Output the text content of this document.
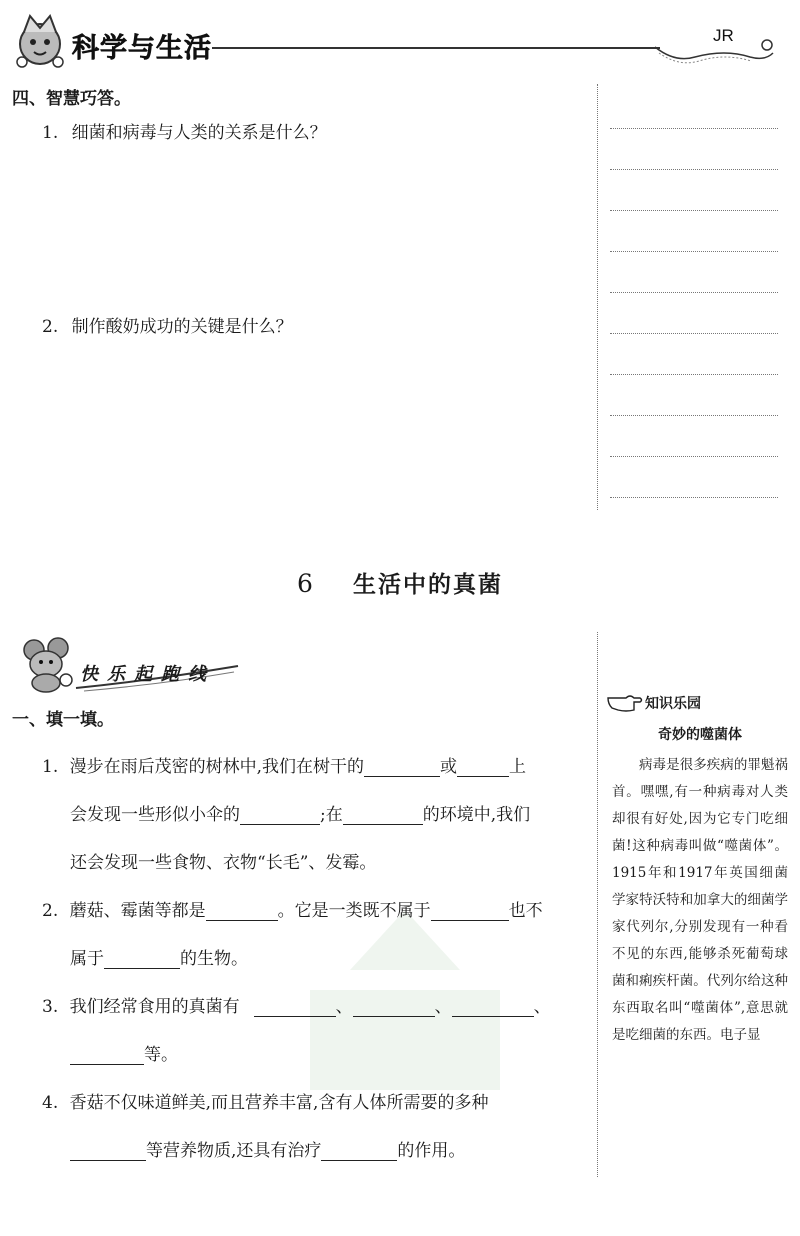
科学与生活	JR
四、智慧巧答。
1. 细菌和病毒与人类的关系是什么？
2. 制作酸奶成功的关键是什么？
6 生活中的真菌
快乐起跑线
一、填一填。
1. 漫步在雨后茂密的树林中,我们在树干的	或	上
会发现一些形似小伞的	;在	的环境中,我们
还会发现一些食物、衣物“长毛”、发霉。
2. 蘑菇、霉菌等都是	。它是一类既不属于	也不
属于	的生物。
3. 我们经常食用的真菌有	、	、	、
等。
4. 香菇不仅味道鲜美,而且营养丰富,含有人体所需要的多种
等营养物质,还具有治疗	的作用。
知识乐园
奇妙的噬菌体
病毒是很多疾病的罪魁祸首。嘿嘿,有一种病毒对人类却很有好处,因为它专门吃细菌!这种病毒叫做“噬菌体”。1915年和1917年英国细菌学家特沃特和加拿大的细菌学家代列尔,分别发现有一种看不见的东西,能够杀死葡萄球菌和痢疾杆菌。代列尔给这种东西取名叫“噬菌体”,意思就是吃细菌的东西。电子显
